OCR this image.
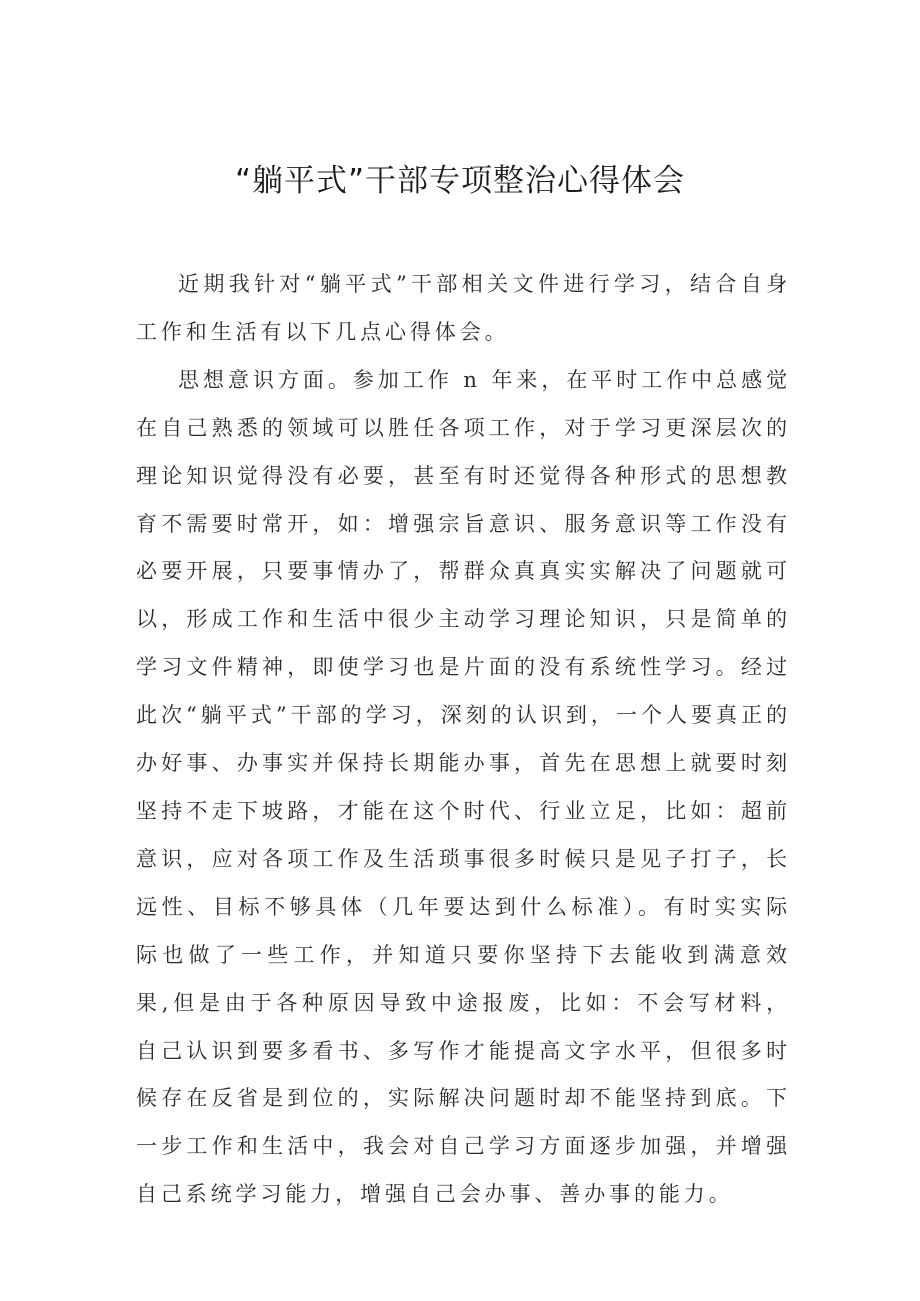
“躺平式”干部专项整治心得体会

近期我针对“躺平式”干部相关文件进行学习，结合自身工作和生活有以下几点心得体会。

思想意识方面。参加工作 n 年来，在平时工作中总感觉在自己熟悉的领域可以胜任各项工作，对于学习更深层次的理论知识觉得没有必要，甚至有时还觉得各种形式的思想教育不需要时常开，如：增强宗旨意识、服务意识等工作没有必要开展，只要事情办了，帮群众真真实实解决了问题就可以，形成工作和生活中很少主动学习理论知识，只是简单的学习文件精神，即使学习也是片面的没有系统性学习。经过此次“躺平式”干部的学习，深刻的认识到，一个人要真正的办好事、办事实并保持长期能办事，首先在思想上就要时刻坚持不走下坡路，才能在这个时代、行业立足，比如：超前意识，应对各项工作及生活琐事很多时候只是见子打子，长远性、目标不够具体（几年要达到什么标准）。有时实实际际也做了一些工作，并知道只要你坚持下去能收到满意效果,但是由于各种原因导致中途报废，比如：不会写材料，自己认识到要多看书、多写作才能提高文字水平，但很多时候存在反省是到位的，实际解决问题时却不能坚持到底。下一步工作和生活中，我会对自己学习方面逐步加强，并增强自己系统学习能力，增强自己会办事、善办事的能力。
